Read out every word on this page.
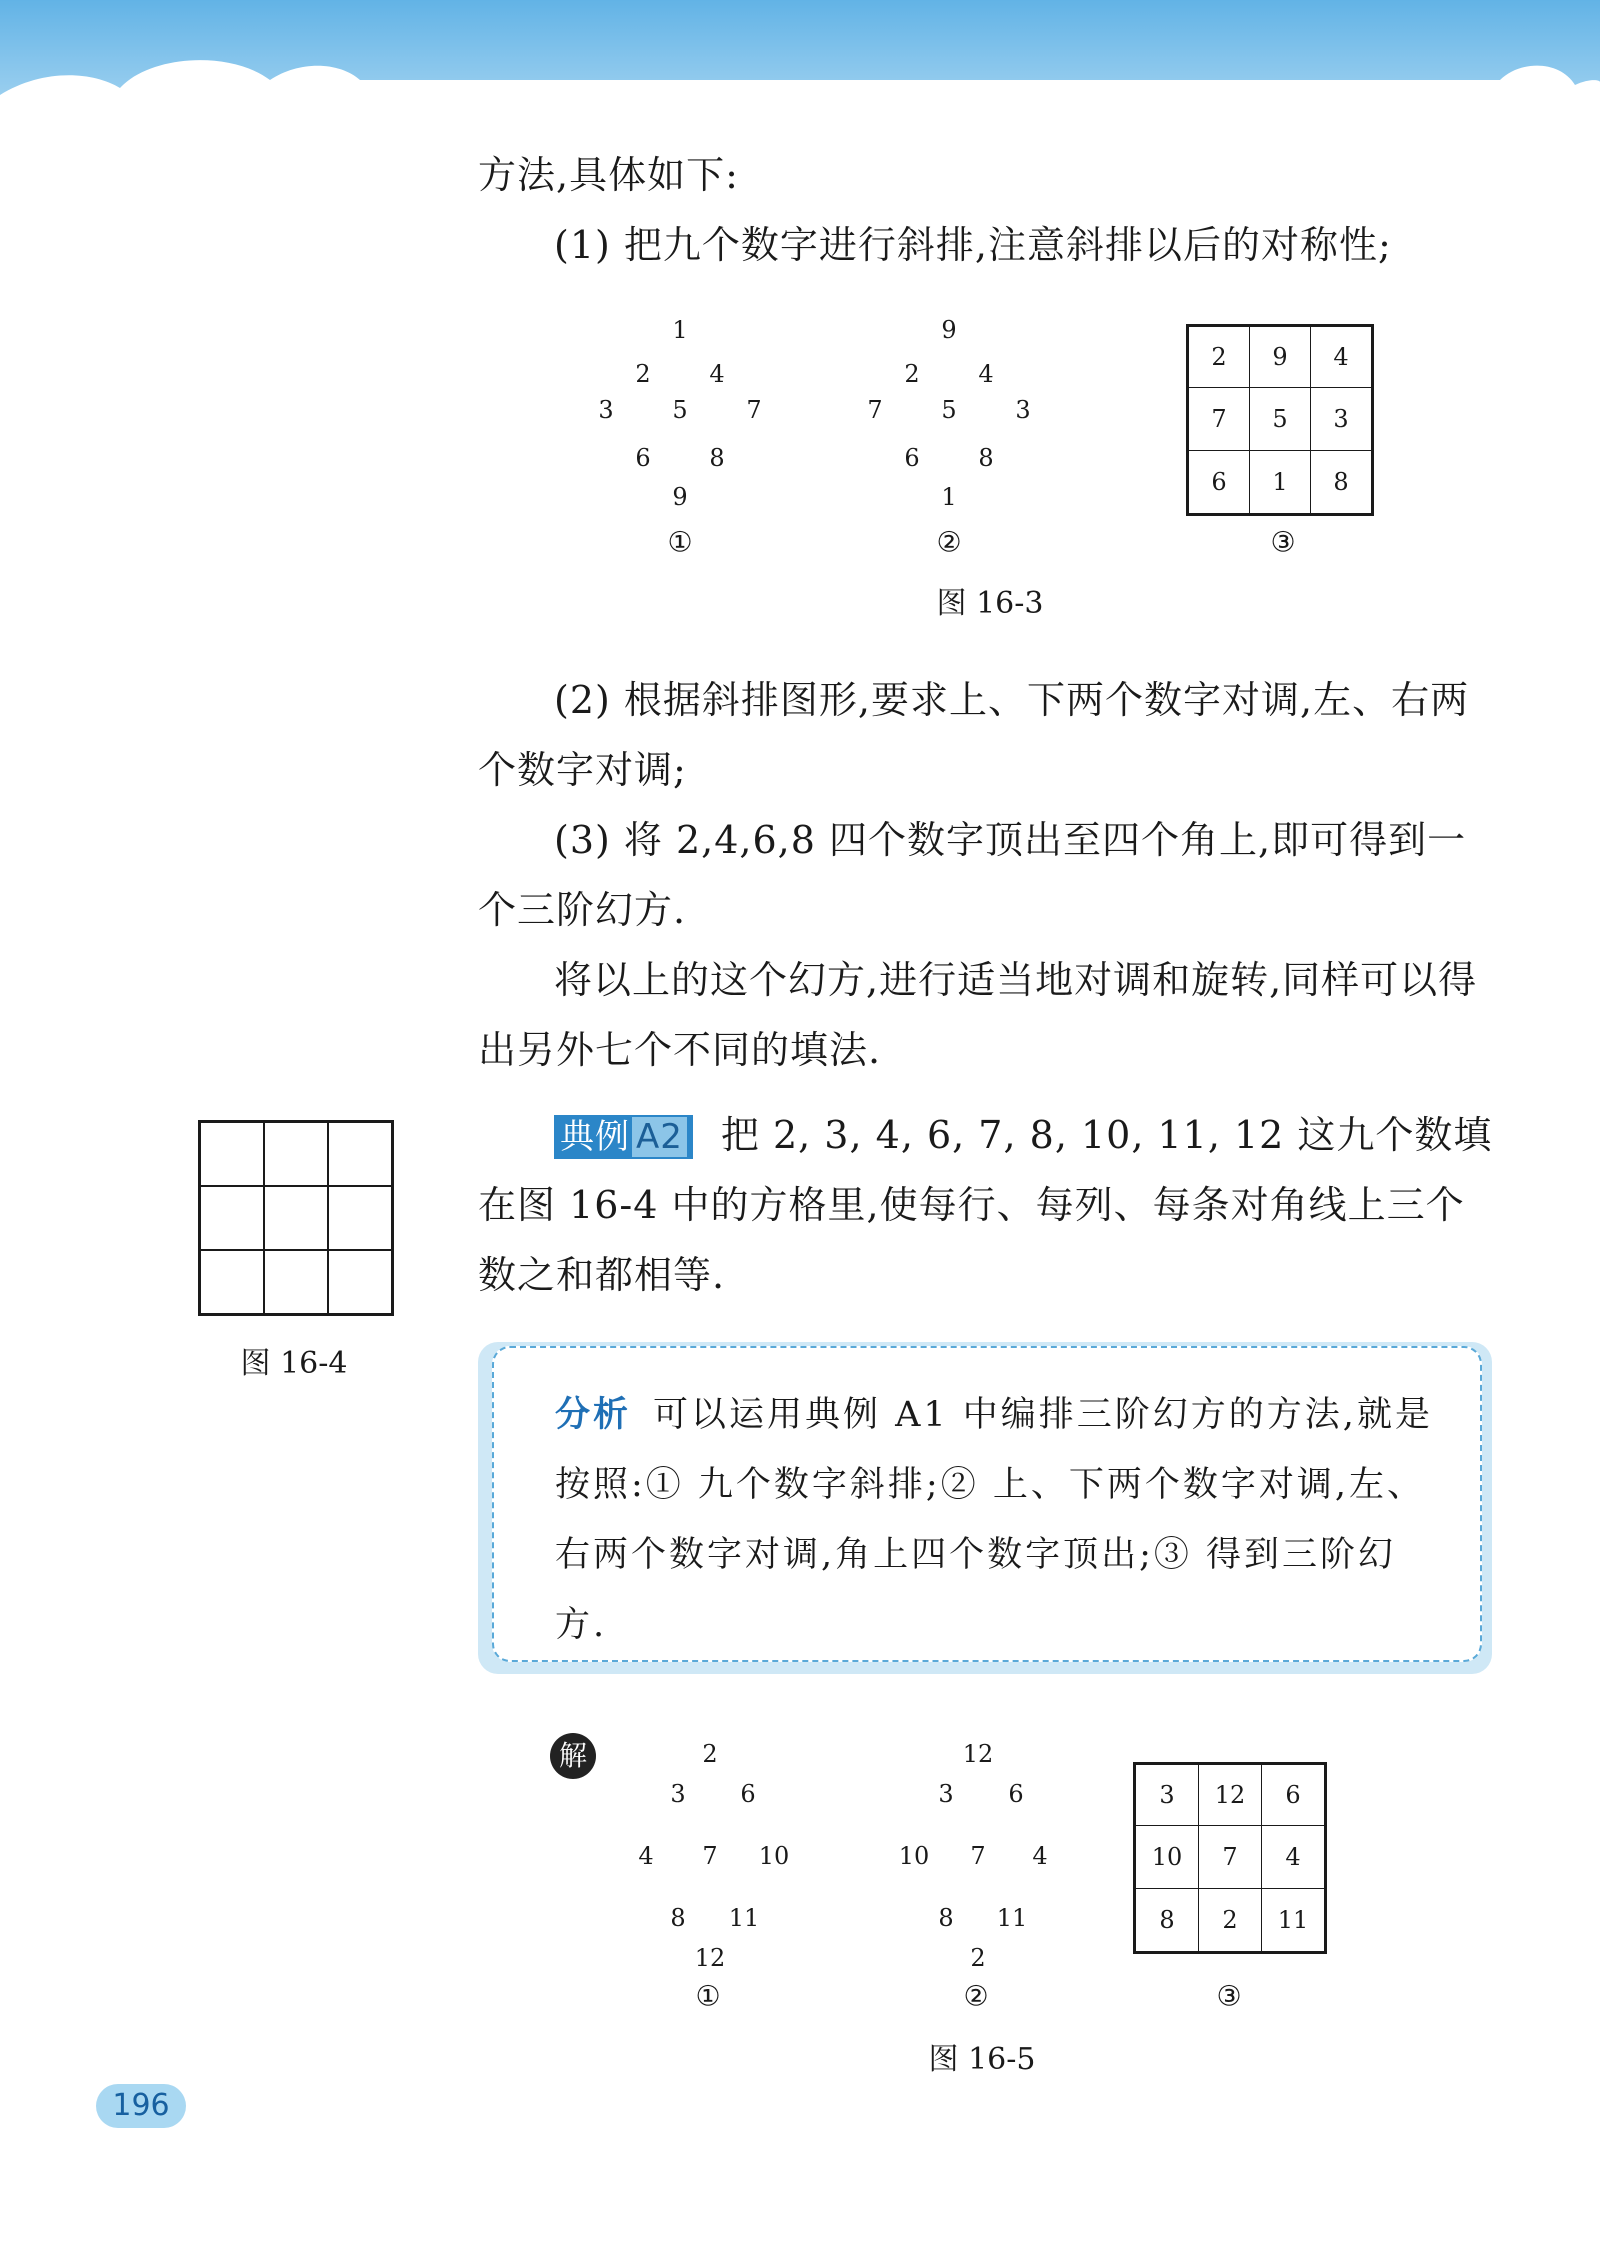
方法,具体如下:
(1) 把九个数字进行斜排,注意斜排以后的对称性;
1
2 4
3 5 7
6 8
9
①
9
2 4
7 5 3
6 8
1
②
2	9	4
7	5	3
6	1	8
③
图 16-3
(2) 根据斜排图形,要求上、下两个数字对调,左、右两个数字对调;
(3) 将 2,4,6,8 四个数字顶出至四个角上,即可得到一个三阶幻方.
将以上的这个幻方,进行适当地对调和旋转,同样可以得出另外七个不同的填法.

图 16-4
典例 A2 把 2, 3, 4, 6, 7, 8, 10, 11, 12 这九个数填在图 16-4 中的方格里,使每行、每列、每条对角线上三个数之和都相等.
分析 可以运用典例 A1 中编排三阶幻方的方法,就是按照:① 九个数字斜排;② 上、下两个数字对调,左、右两个数字对调,角上四个数字顶出;③ 得到三阶幻方.
解	2
3 6
4 7 10
8 11
12
①
12
3 6
10 7 4
8 11
2
②
3	12	6
10	7	4
8	2	11
③
图 16-5
196
